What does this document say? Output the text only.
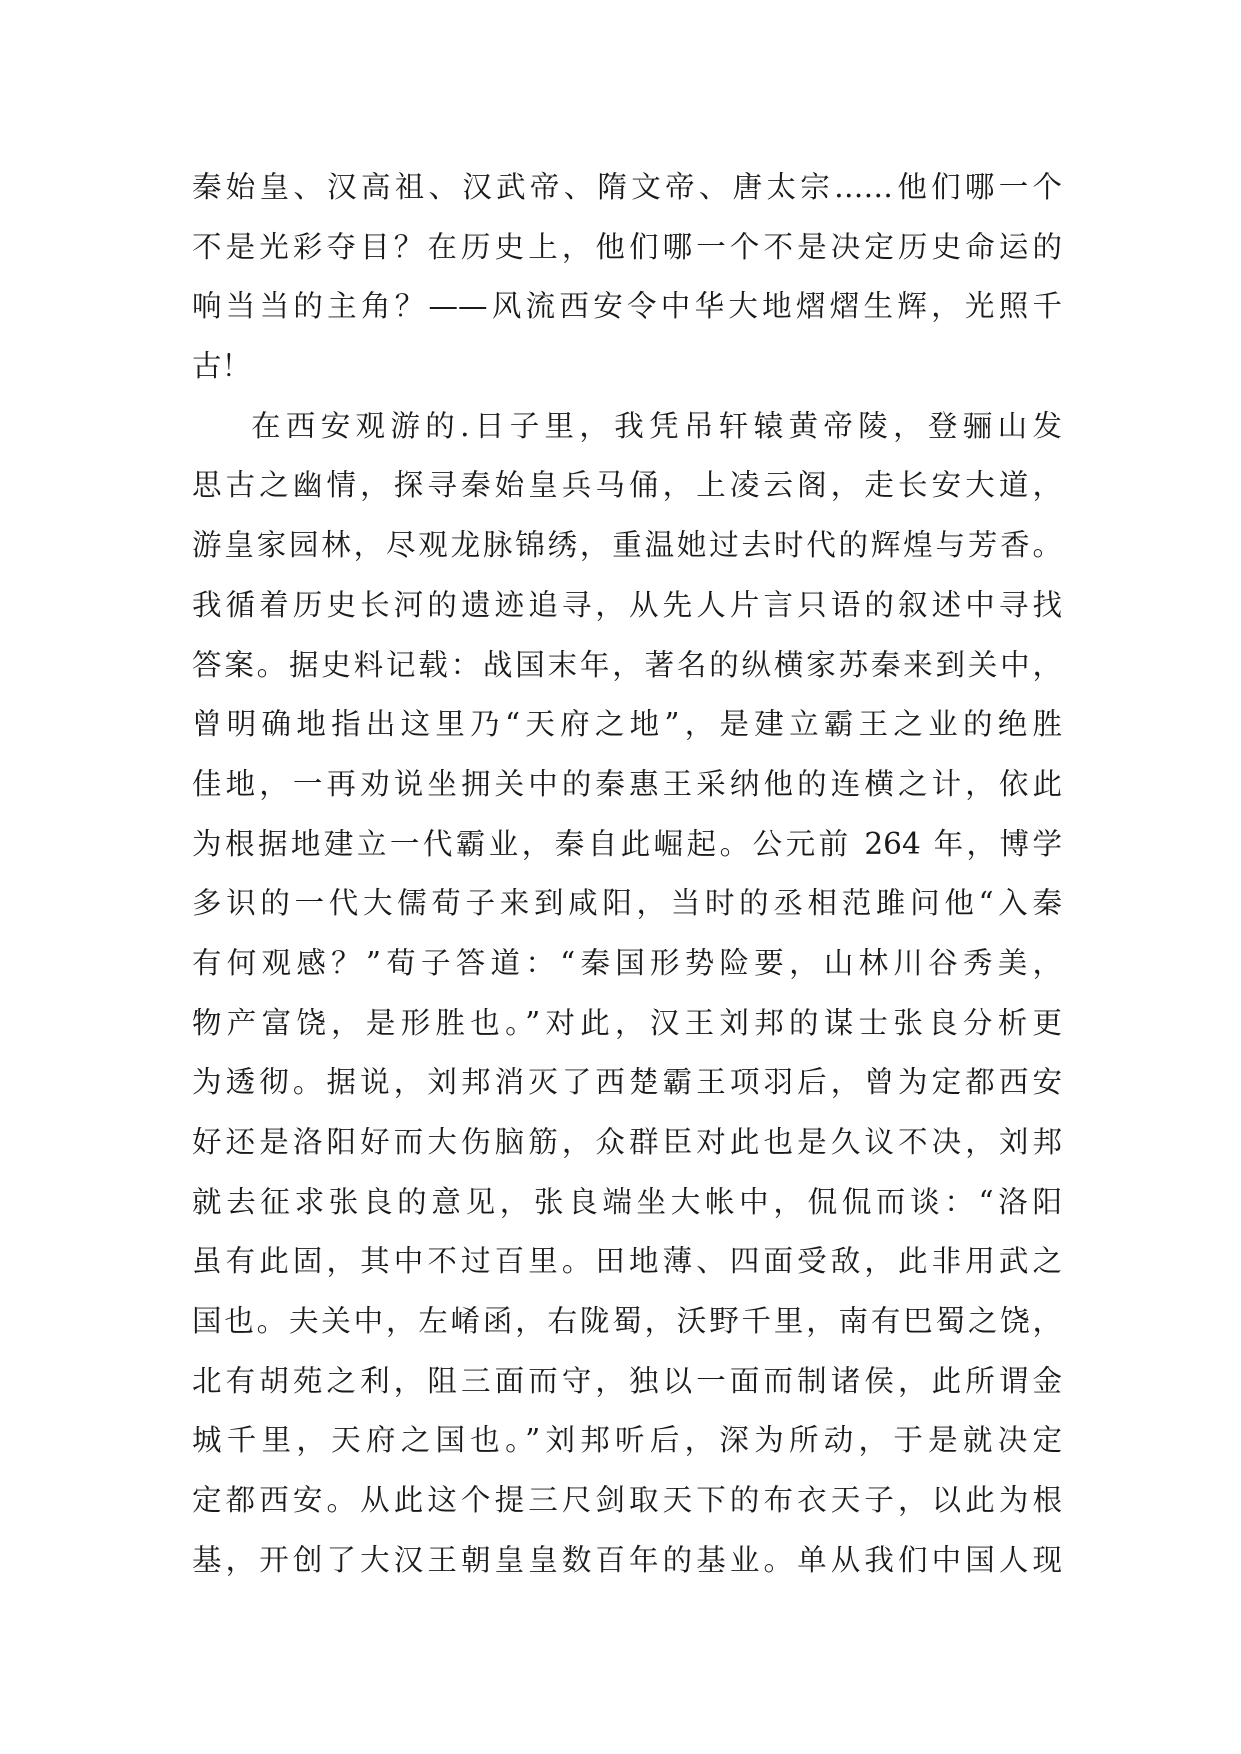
秦始皇、汉高祖、汉武帝、隋文帝、唐太宗……他们哪一个
不是光彩夺目？在历史上，他们哪一个不是决定历史命运的
响当当的主角？——风流西安令中华大地熠熠生辉，光照千
古！
在西安观游的.日子里，我凭吊轩辕黄帝陵，登骊山发
思古之幽情，探寻秦始皇兵马俑，上凌云阁，走长安大道，
游皇家园林，尽观龙脉锦绣，重温她过去时代的辉煌与芳香。
我循着历史长河的遗迹追寻，从先人片言只语的叙述中寻找
答案。据史料记载：战国末年，著名的纵横家苏秦来到关中，
曾明确地指出这里乃“天府之地”，是建立霸王之业的绝胜
佳地，一再劝说坐拥关中的秦惠王采纳他的连横之计，依此
为根据地建立一代霸业，秦自此崛起。公元前 264 年，博学
多识的一代大儒荀子来到咸阳，当时的丞相范雎问他“入秦
有何观感？”荀子答道：“秦国形势险要，山林川谷秀美，
物产富饶，是形胜也。”对此，汉王刘邦的谋士张良分析更
为透彻。据说，刘邦消灭了西楚霸王项羽后，曾为定都西安
好还是洛阳好而大伤脑筋，众群臣对此也是久议不决，刘邦
就去征求张良的意见，张良端坐大帐中，侃侃而谈：“洛阳
虽有此固，其中不过百里。田地薄、四面受敌，此非用武之
国也。夫关中，左崤函，右陇蜀，沃野千里，南有巴蜀之饶，
北有胡苑之利，阻三面而守，独以一面而制诸侯，此所谓金
城千里，天府之国也。”刘邦听后，深为所动，于是就决定
定都西安。从此这个提三尺剑取天下的布衣天子，以此为根
基，开创了大汉王朝皇皇数百年的基业。单从我们中国人现
